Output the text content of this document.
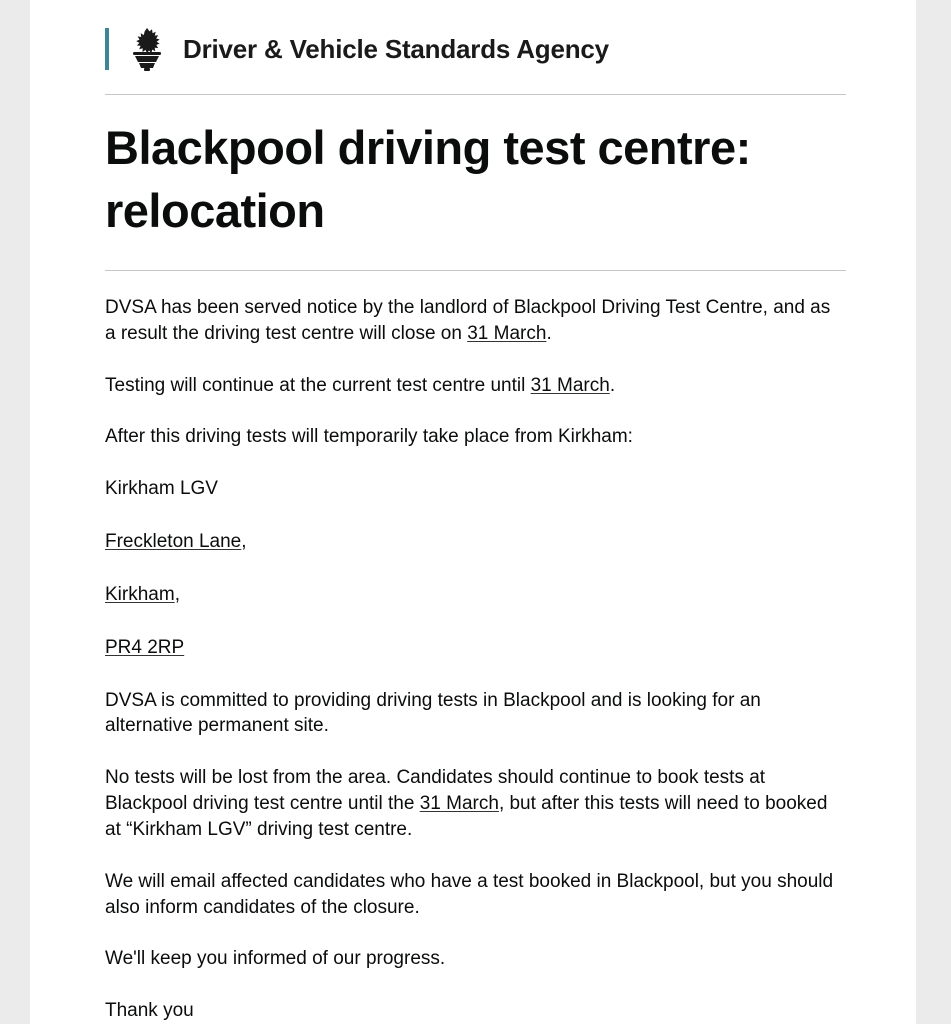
Driver & Vehicle Standards Agency
Blackpool driving test centre: relocation

DVSA has been served notice by the landlord of Blackpool Driving Test Centre, and as a result the driving test centre will close on 31 March.

Testing will continue at the current test centre until 31 March.

After this driving tests will temporarily take place from Kirkham:

Kirkham LGV

Freckleton Lane,

Kirkham,

PR4 2RP

DVSA is committed to providing driving tests in Blackpool and is looking for an alternative permanent site.

No tests will be lost from the area. Candidates should continue to book tests at Blackpool driving test centre until the 31 March, but after this tests will need to booked at “Kirkham LGV” driving test centre.

We will email affected candidates who have a test booked in Blackpool, but you should also inform candidates of the closure.

We'll keep you informed of our progress.

Thank you
